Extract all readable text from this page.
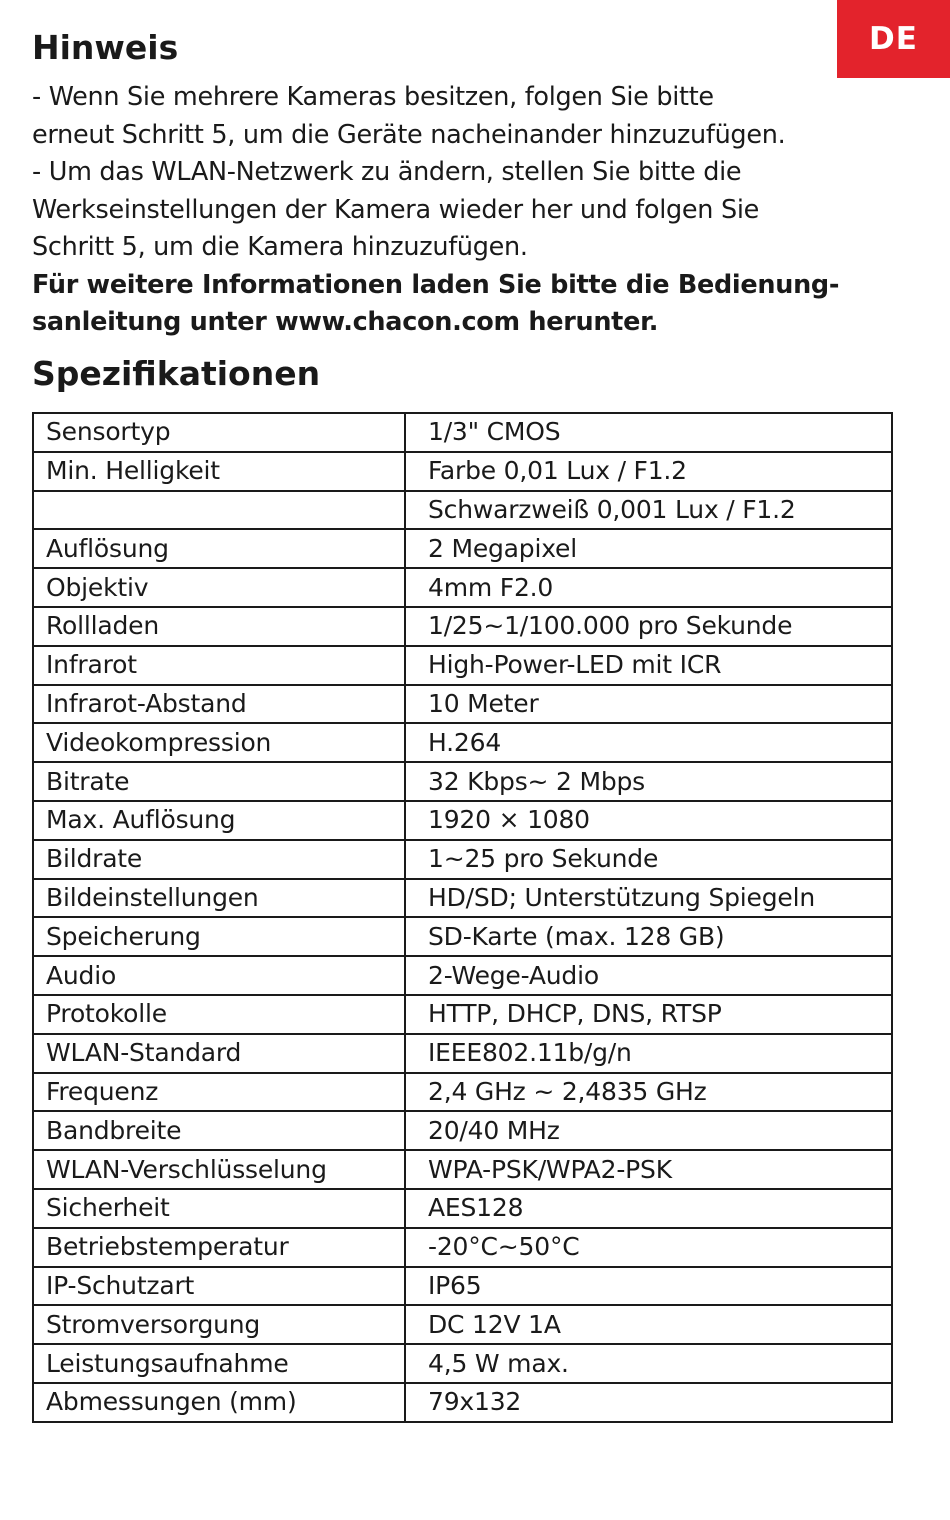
DE
Hinweis
- Wenn Sie mehrere Kameras besitzen, folgen Sie bitte
erneut Schritt 5, um die Geräte nacheinander hinzuzufügen.
- Um das WLAN-Netzwerk zu ändern, stellen Sie bitte die
Werkseinstellungen der Kamera wieder her und folgen Sie
Schritt 5, um die Kamera hinzuzufügen.
Für weitere Informationen laden Sie bitte die Bedienung-
sanleitung unter www.chacon.com herunter.
Spezifikationen
Sensortyp	1/3" CMOS
Min. Helligkeit	Farbe 0,01 Lux / F1.2
	Schwarzweiß 0,001 Lux / F1.2
Auflösung	2 Megapixel
Objektiv	4mm F2.0
Rollladen	1/25~1/100.000 pro Sekunde
Infrarot	High-Power-LED mit ICR
Infrarot-Abstand	10 Meter
Videokompression	H.264
Bitrate	32 Kbps~ 2 Mbps
Max. Auflösung	1920 × 1080
Bildrate	1~25 pro Sekunde
Bildeinstellungen	HD/SD; Unterstützung Spiegeln
Speicherung	SD-Karte (max. 128 GB)
Audio	2-Wege-Audio
Protokolle	HTTP, DHCP, DNS, RTSP
WLAN-Standard	IEEE802.11b/g/n
Frequenz	2,4 GHz ~ 2,4835 GHz
Bandbreite	20/40 MHz
WLAN-Verschlüsselung	WPA-PSK/WPA2-PSK
Sicherheit	AES128
Betriebstemperatur	-20°C~50°C
IP-Schutzart	IP65
Stromversorgung	DC 12V 1A
Leistungsaufnahme	4,5 W max.
Abmessungen (mm)	79x132
